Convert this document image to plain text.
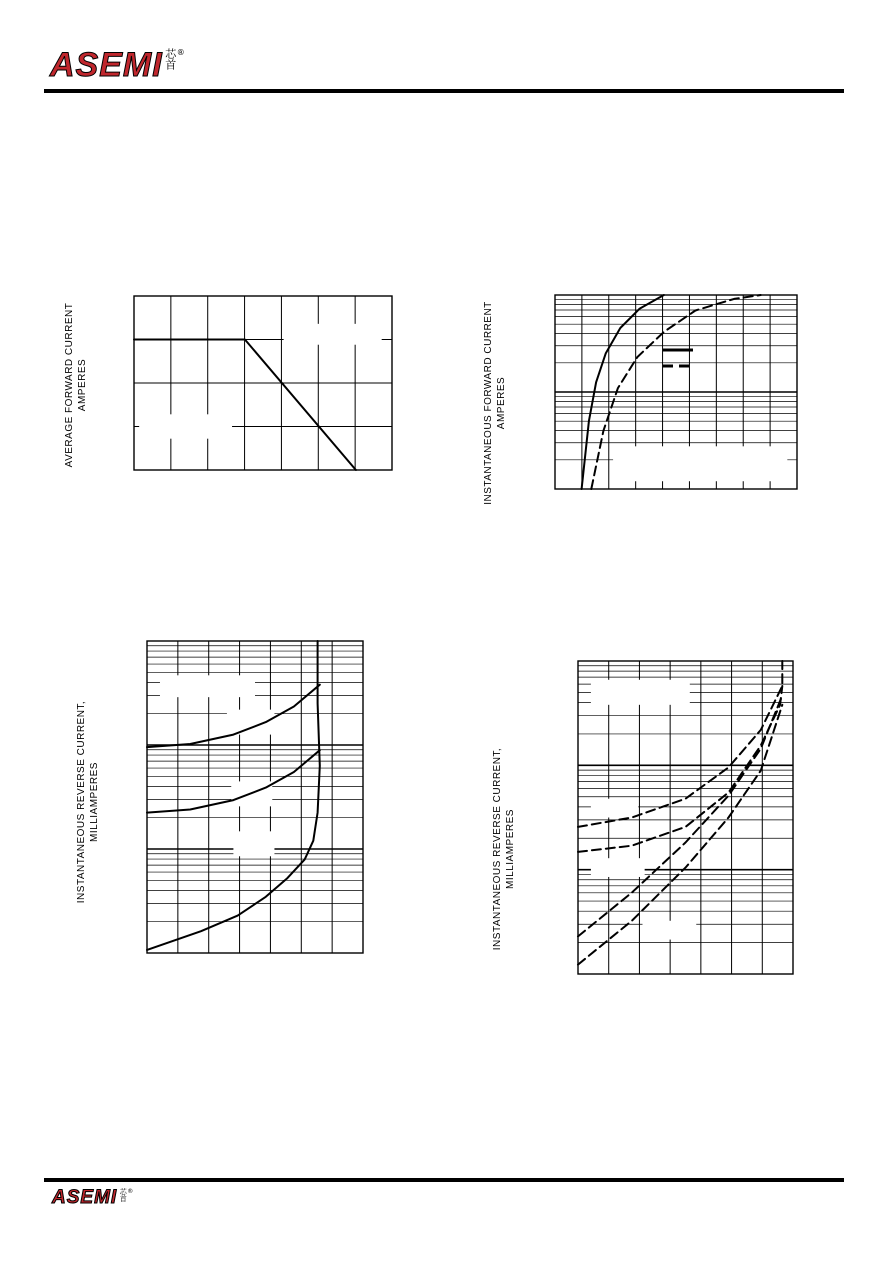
ASEMI 芯首 ®
AVERAGE FORWARD CURRENT AMPERES	INSTANTANEOUS FORWARD CURRENT AMPERES
INSTANTANEOUS REVERSE CURRENT, MILLIAMPERES	INSTANTANEOUS REVERSE CURRENT, MILLIAMPERES
ASEMI 芯首 ®
